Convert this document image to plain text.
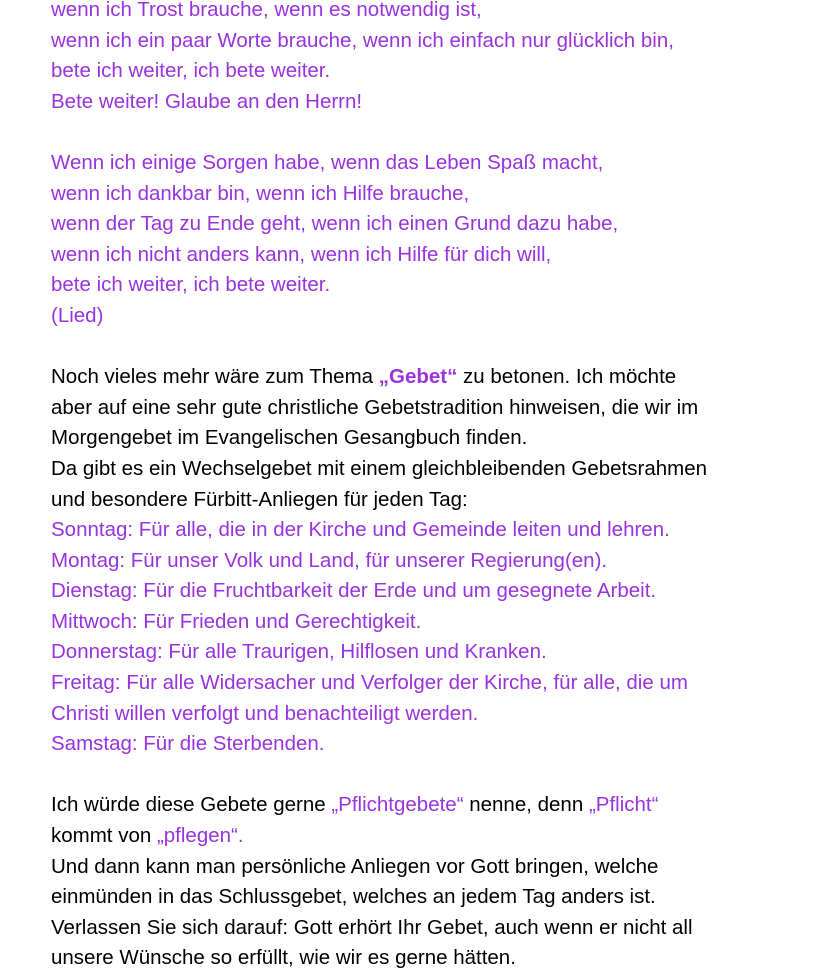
wenn ich Trost brauche, wenn es notwendig ist,
wenn ich ein paar Worte brauche, wenn ich einfach nur glücklich bin,
bete ich weiter, ich bete weiter.
Bete weiter! Glaube an den Herrn!
Wenn ich einige Sorgen habe, wenn das Leben Spaß macht,
wenn ich dankbar bin, wenn ich Hilfe brauche,
wenn der Tag zu Ende geht, wenn ich einen Grund dazu habe,
wenn ich nicht anders kann, wenn ich Hilfe für dich will,
bete ich weiter, ich bete weiter.
(Lied)
Noch vieles mehr wäre zum Thema „Gebet“ zu betonen. Ich möchte
aber auf eine sehr gute christliche Gebetstradition hinweisen, die wir im
Morgengebet im Evangelischen Gesangbuch finden.
Da gibt es ein Wechselgebet mit einem gleichbleibenden Gebetsrahmen
und besondere Fürbitt-Anliegen für jeden Tag:
Sonntag: Für alle, die in der Kirche und Gemeinde leiten und lehren.
Montag: Für unser Volk und Land, für unserer Regierung(en).
Dienstag: Für die Fruchtbarkeit der Erde und um gesegnete Arbeit.
Mittwoch: Für Frieden und Gerechtigkeit.
Donnerstag: Für alle Traurigen, Hilflosen und Kranken.
Freitag: Für alle Widersacher und Verfolger der Kirche, für alle, die um
Christi willen verfolgt und benachteiligt werden.
Samstag: Für die Sterbenden.
Ich würde diese Gebete gerne „Pflichtgebete“ nenne, denn „Pflicht“
kommt von „pflegen“.
Und dann kann man persönliche Anliegen vor Gott bringen, welche
einmünden in das Schlussgebet, welches an jedem Tag anders ist.
Verlassen Sie sich darauf: Gott erhört Ihr Gebet, auch wenn er nicht all
unsere Wünsche so erfüllt, wie wir es gerne hätten.
